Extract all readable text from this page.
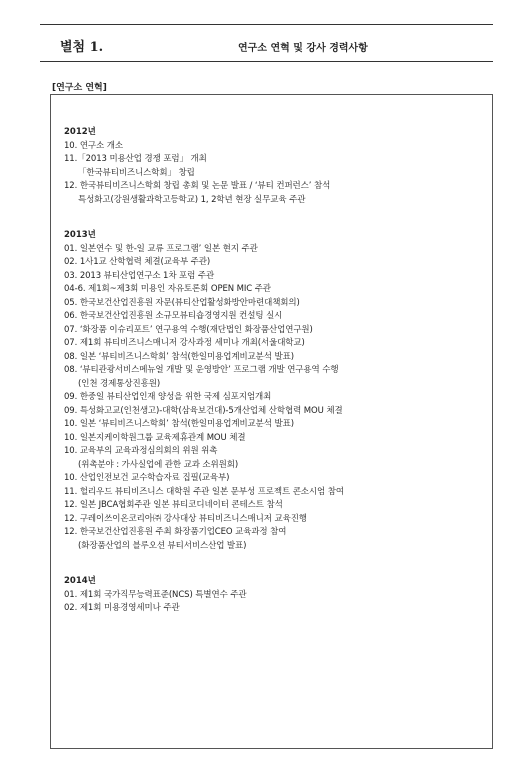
별첨 1.	연구소 연혁 및 강사 경력사항
[연구소 연혁]
2012년
10. 연구소 개소
11.「2013 미용산업 경쟁 포럼」 개최
「한국뷰티비즈니스학회」 창립
12. 한국뷰티비즈니스학회 창립 총회 및 논문 발표 / ‘뷰티 컨퍼런스’ 참석
특성화고(강원생활과학고등학교) 1, 2학년 현장 실무교육 주관
2013년
01. 일본연수 및 한-일 교류 프로그램’ 일본 현지 주관
02. 1사1교 산학협력 체결(교육부 주관)
03. 2013 뷰티산업연구소 1차 포럼 주관
04-6. 제1회~제3회 미용인 자유토론회 OPEN MIC 주관
05. 한국보건산업진흥원 자문(뷰티산업활성화방안마련대책회의)
06. 한국보건산업진흥원 소규모뷰티숍경영지원 컨설팅 실시
07. ‘화장품 이슈리포트’ 연구용역 수행(재단법인 화장품산업연구원)
07. 제1회 뷰티비즈니스매니저 강사과정 세미나 개최(서울대학교)
08. 일본 ‘뷰티비즈니스학회’ 참석(한일미용업계비교분석 발표)
08. ‘뷰티관광서비스메뉴얼 개발 및 운영방안’ 프로그램 개발 연구용역 수행
(인천 경제통상진흥원)
09. 한중일 뷰티산업인재 양성을 위한 국제 심포지엄개최
09. 특성화고교(인천생고)-대학(삼육보건대)-5개산업체 산학협력 MOU 체결
10. 일본 ‘뷰티비즈니스학회’ 참석(한일미용업계비교분석 발표)
10. 일본지케이학원그룹 교육제휴관계 MOU 체결
10. 교육부의 교육과정심의회의 위원 위촉
(위촉분야 : 가사실업에 관한 교과 소위원회)
10. 산업인전보건 교수학습자료 집필(교육부)
11. 헐리우드 뷰티비즈니스 대학원 주관 일본 문부성 프로젝트 콘소시엄 참여
12. 일본 JBCA협회주관 일본 뷰티코디네이터 콘테스트 참석
12. 구레이쓰이온코리아㈜ 강사대상 뷰티비즈니스매니저 교육진행
12. 한국보건산업진흥원 주최 화장품기업CEO 교육과정 참여
(화장품산업의 블루오션 뷰티서비스산업 발표)
2014년
01. 제1회 국가직무능력표준(NCS) 특별연수 주관
02. 제1회 미용경영세미나 주관
